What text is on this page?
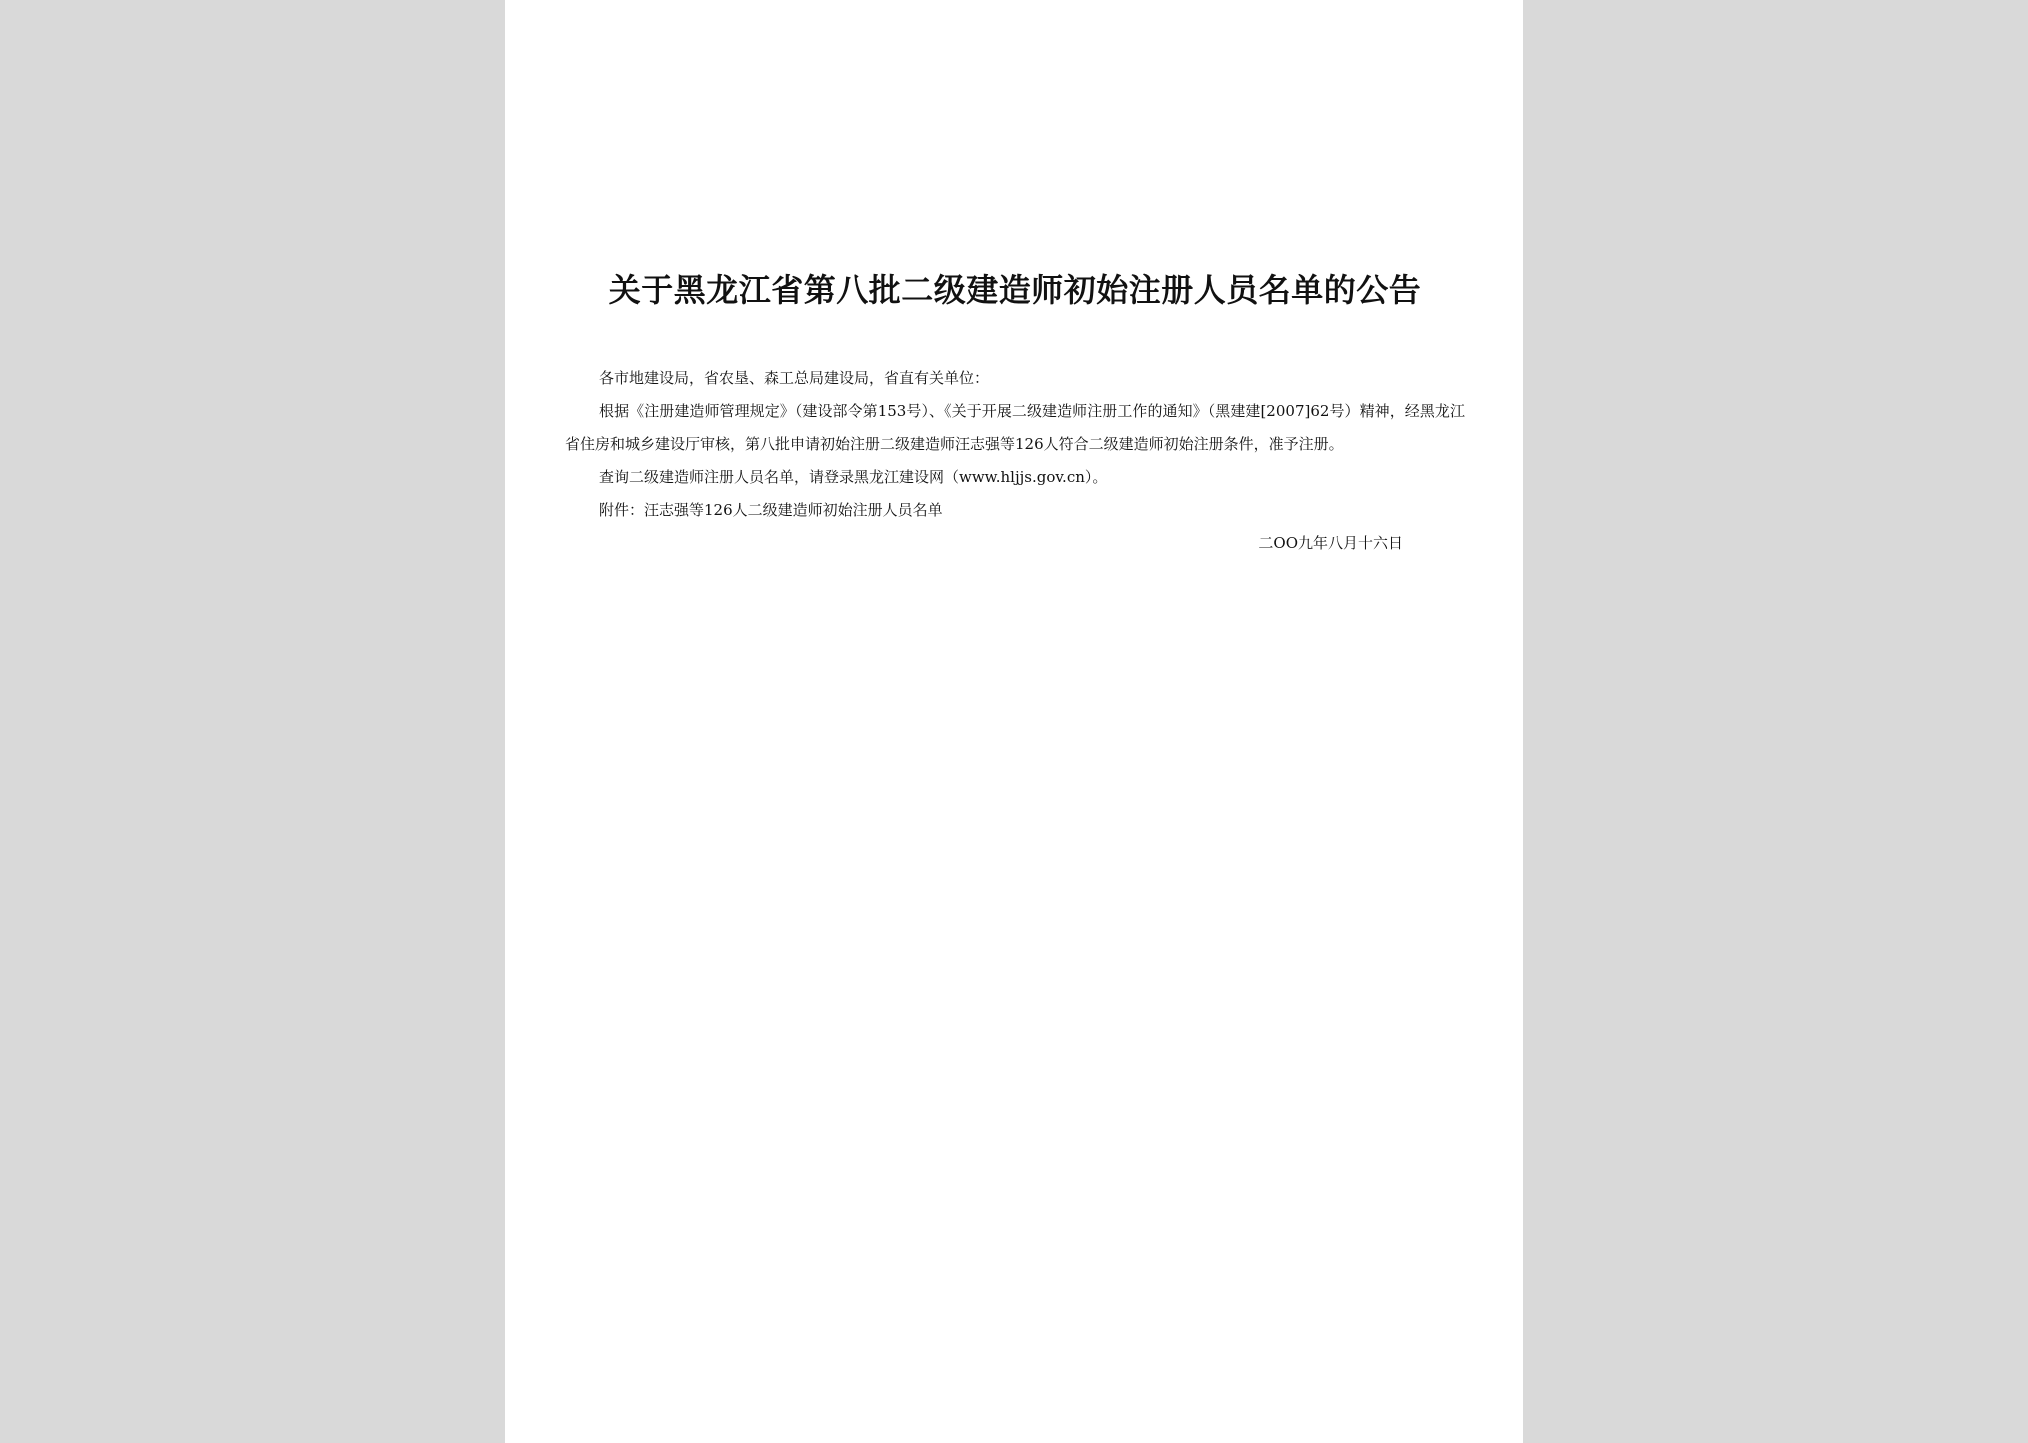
关于黑龙江省第八批二级建造师初始注册人员名单的公告

各市地建设局，省农垦、森工总局建设局，省直有关单位：

根据《注册建造师管理规定》（建设部令第153号）、《关于开展二级建造师注册工作的通知》（黑建建[2007]62号）精神，经黑龙江省住房和城乡建设厅审核，第八批申请初始注册二级建造师汪志强等126人符合二级建造师初始注册条件，准予注册。

查询二级建造师注册人员名单，请登录黑龙江建设网（www.hljjs.gov.cn）。

附件：汪志强等126人二级建造师初始注册人员名单

二OO九年八月十六日
